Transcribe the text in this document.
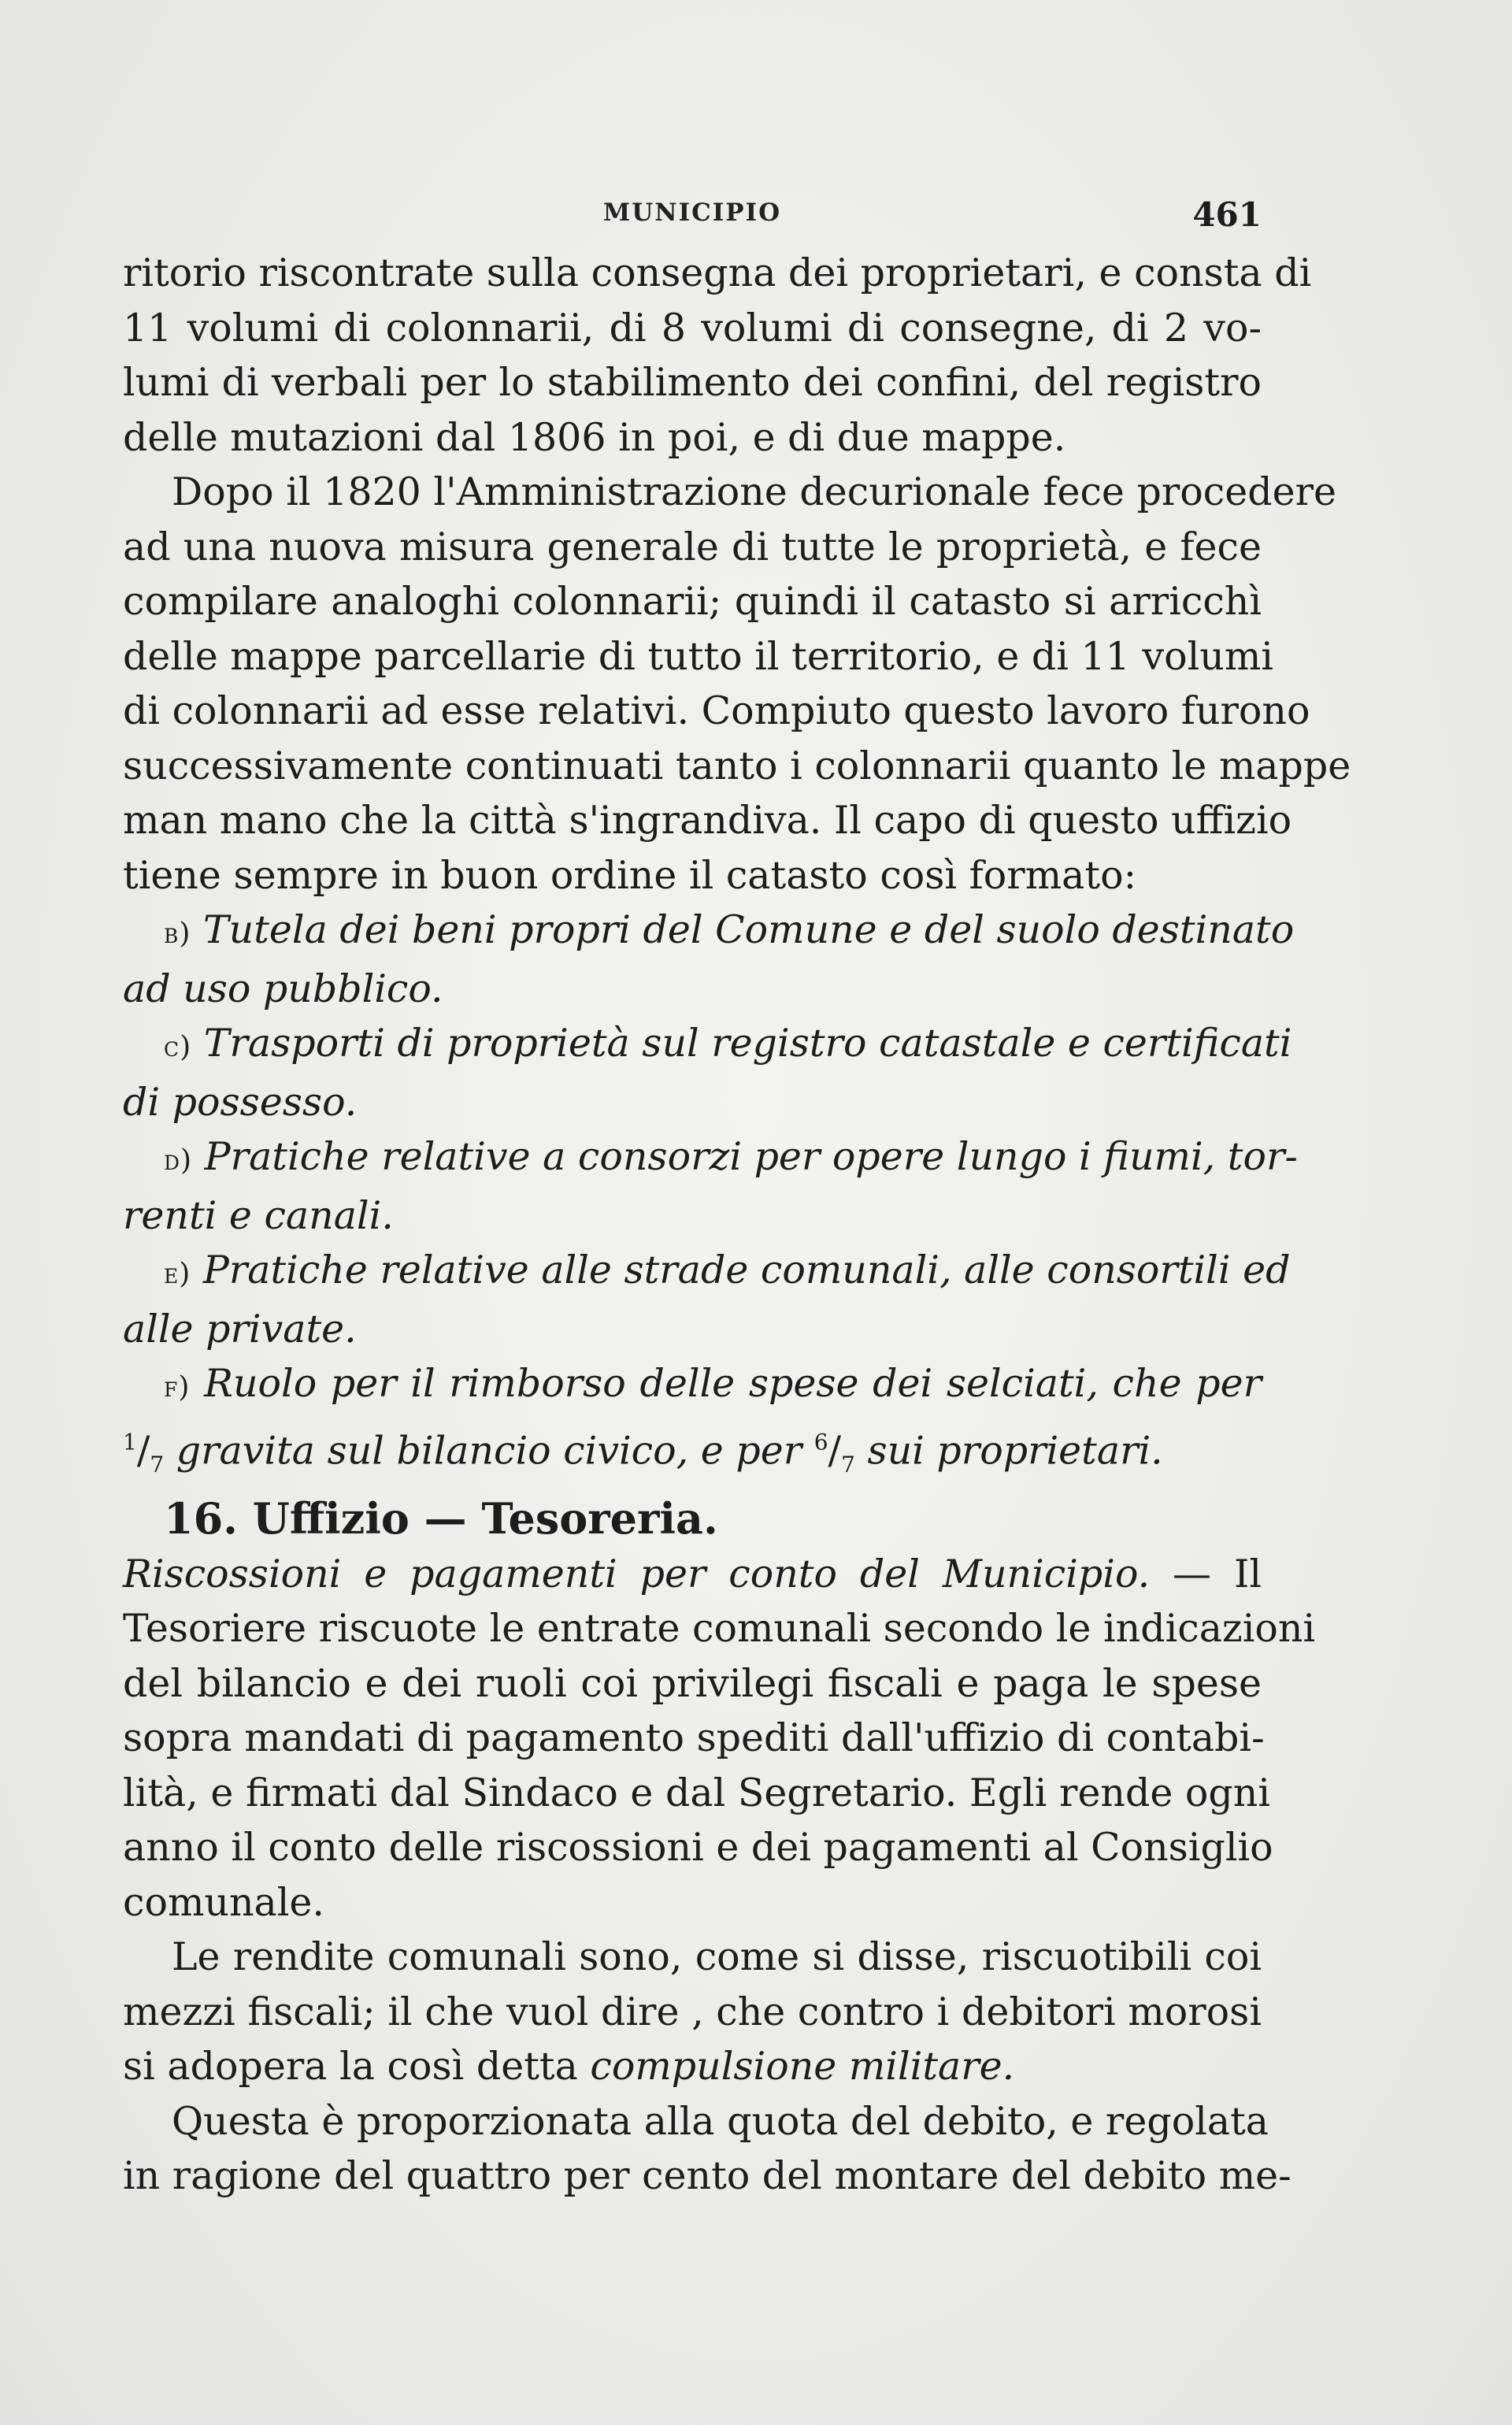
MUNICIPIO	461
ritorio riscontrate sulla consegna dei proprietari, e consta di
11 volumi di colonnarii, di 8 volumi di consegne, di 2 vo-
lumi di verbali per lo stabilimento dei confini, del registro
delle mutazioni dal 1806 in poi, e di due mappe.
Dopo il 1820 l'Amministrazione decurionale fece procedere
ad una nuova misura generale di tutte le proprietà, e fece
compilare analoghi colonnarii; quindi il catasto si arricchì
delle mappe parcellarie di tutto il territorio, e di 11 volumi
di colonnarii ad esse relativi. Compiuto questo lavoro furono
successivamente continuati tanto i colonnarii quanto le mappe
man mano che la città s'ingrandiva. Il capo di questo uffizio
tiene sempre in buon ordine il catasto così formato:
b) Tutela dei beni propri del Comune e del suolo destinato
ad uso pubblico.
c) Trasporti di proprietà sul registro catastale e certificati
di possesso.
d) Pratiche relative a consorzi per opere lungo i fiumi, tor-
renti e canali.
e) Pratiche relative alle strade comunali, alle consortili ed
alle private.
f) Ruolo per il rimborso delle spese dei selciati, che per
$^1/_7$ gravita sul bilancio civico, e per $^6/_7$ sui proprietari.
16. Uffizio — Tesoreria.
Riscossioni e pagamenti per conto del Municipio. — Il
Tesoriere riscuote le entrate comunali secondo le indicazioni
del bilancio e dei ruoli coi privilegi fiscali e paga le spese
sopra mandati di pagamento spediti dall'uffizio di contabi-
lità, e firmati dal Sindaco e dal Segretario. Egli rende ogni
anno il conto delle riscossioni e dei pagamenti al Consiglio
comunale.
Le rendite comunali sono, come si disse, riscuotibili coi
mezzi fiscali; il che vuol dire , che contro i debitori morosi
si adopera la così detta compulsione militare.
Questa è proporzionata alla quota del debito, e regolata
in ragione del quattro per cento del montare del debito me-
